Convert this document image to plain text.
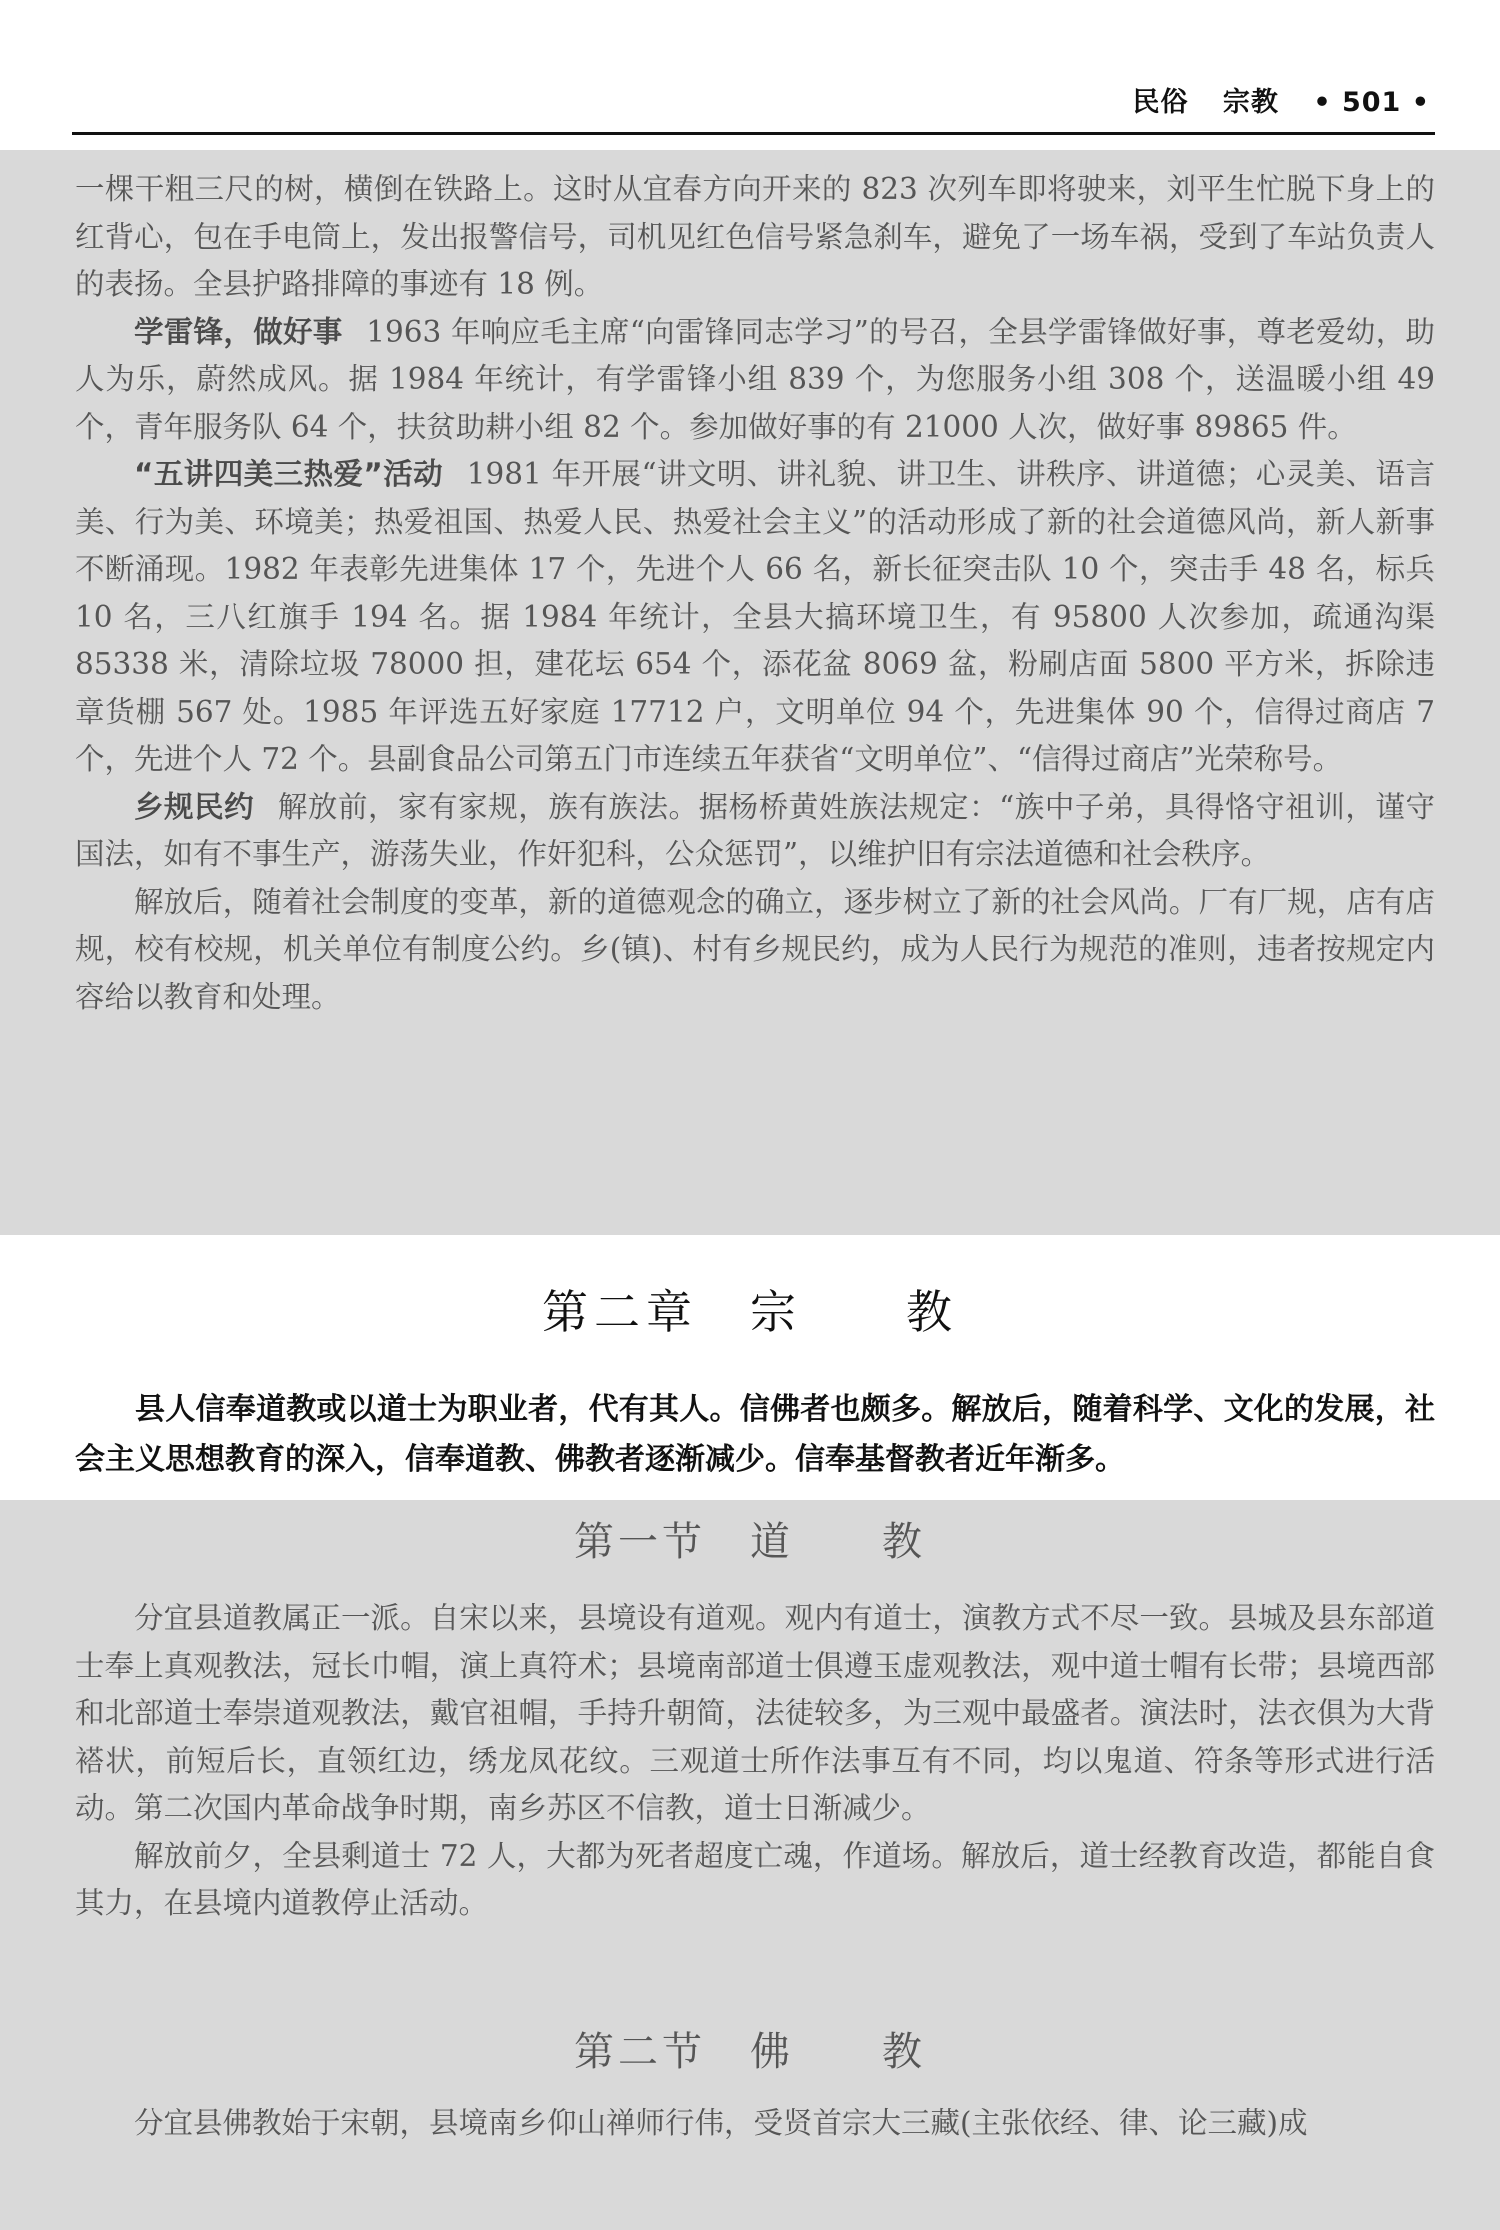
民俗 宗教 • 501 •

一棵干粗三尺的树，横倒在铁路上。这时从宜春方向开来的 823 次列车即将驶来，刘平生忙脱下身上的红背心，包在手电筒上，发出报警信号，司机见红色信号紧急刹车，避免了一场车祸，受到了车站负责人的表扬。全县护路排障的事迹有 18 例。

学雷锋，做好事 1963 年响应毛主席“向雷锋同志学习”的号召，全县学雷锋做好事，尊老爱幼，助人为乐，蔚然成风。据 1984 年统计，有学雷锋小组 839 个，为您服务小组 308 个，送温暖小组 49 个，青年服务队 64 个，扶贫助耕小组 82 个。参加做好事的有 21000 人次，做好事 89865 件。

“五讲四美三热爱”活动 1981 年开展“讲文明、讲礼貌、讲卫生、讲秩序、讲道德；心灵美、语言美、行为美、环境美；热爱祖国、热爱人民、热爱社会主义”的活动形成了新的社会道德风尚，新人新事不断涌现。1982 年表彰先进集体 17 个，先进个人 66 名，新长征突击队 10 个，突击手 48 名，标兵 10 名，三八红旗手 194 名。据 1984 年统计，全县大搞环境卫生，有 95800 人次参加，疏通沟渠 85338 米，清除垃圾 78000 担，建花坛 654 个，添花盆 8069 盆，粉刷店面 5800 平方米，拆除违章货棚 567 处。1985 年评选五好家庭 17712 户，文明单位 94 个，先进集体 90 个，信得过商店 7 个，先进个人 72 个。县副食品公司第五门市连续五年获省“文明单位”、“信得过商店”光荣称号。

乡规民约 解放前，家有家规，族有族法。据杨桥黄姓族法规定：“族中子弟，具得恪守祖训，谨守国法，如有不事生产，游荡失业，作奸犯科，公众惩罚”，以维护旧有宗法道德和社会秩序。

解放后，随着社会制度的变革，新的道德观念的确立，逐步树立了新的社会风尚。厂有厂规，店有店规，校有校规，机关单位有制度公约。乡(镇)、村有乡规民约，成为人民行为规范的准则，违者按规定内容给以教育和处理。

第二章　宗　　教

县人信奉道教或以道士为职业者，代有其人。信佛者也颇多。解放后，随着科学、文化的发展，社会主义思想教育的深入，信奉道教、佛教者逐渐减少。信奉基督教者近年渐多。

第一节　道　　教

分宜县道教属正一派。自宋以来，县境设有道观。观内有道士，演教方式不尽一致。县城及县东部道士奉上真观教法，冠长巾帽，演上真符术；县境南部道士俱遵玉虚观教法，观中道士帽有长带；县境西部和北部道士奉崇道观教法，戴官祖帽，手持升朝简，法徒较多，为三观中最盛者。演法时，法衣俱为大背褡状，前短后长，直领红边，绣龙凤花纹。三观道士所作法事互有不同，均以鬼道、符条等形式进行活动。第二次国内革命战争时期，南乡苏区不信教，道士日渐减少。

解放前夕，全县剩道士 72 人，大都为死者超度亡魂，作道场。解放后，道士经教育改造，都能自食其力，在县境内道教停止活动。

第二节　佛　　教

分宜县佛教始于宋朝，县境南乡仰山禅师行伟，受贤首宗大三藏(主张依经、律、论三藏)成
